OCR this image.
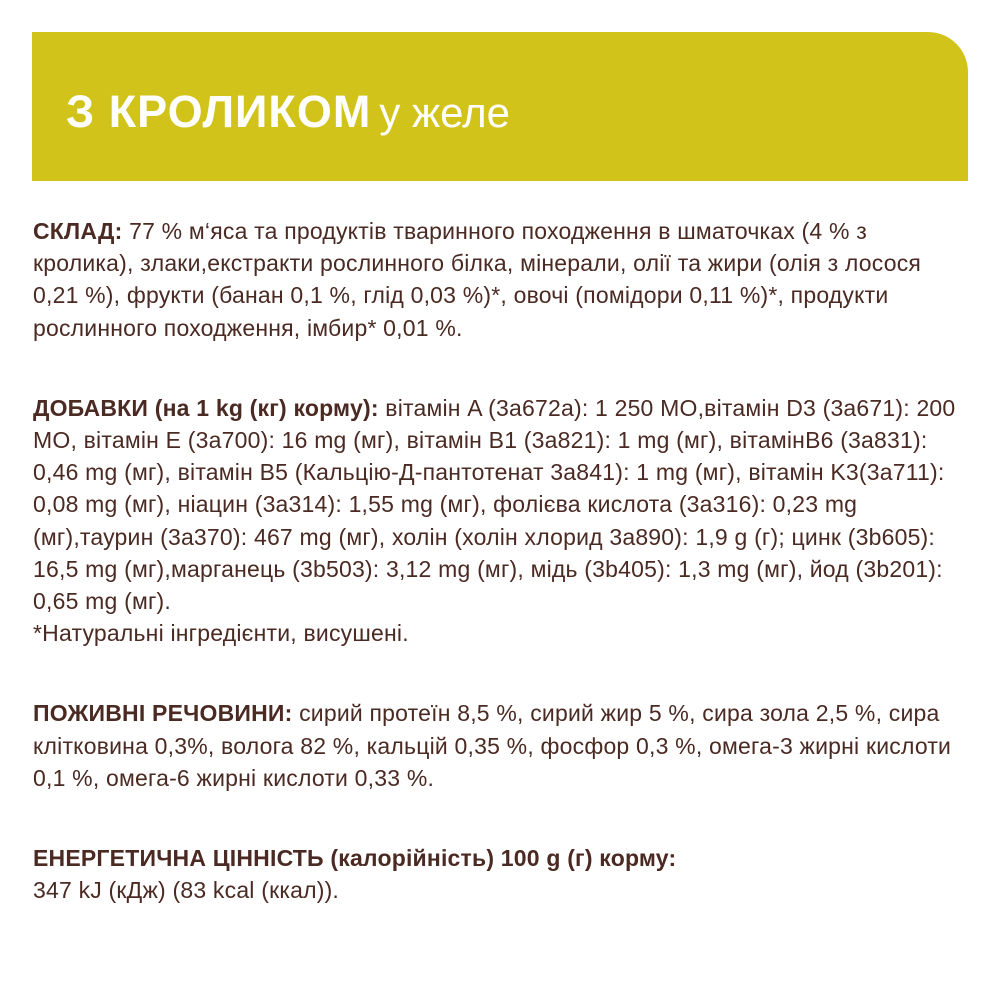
З КРОЛИКОМ у желе

СКЛАД: 77 % м‘яса та продуктів тваринного походження в шматочках (4 % з кролика), злаки,екстракти рослинного білка, мінерали, олії та жири (олія з лосося 0,21 %), фрукти (банан 0,1 %, глід 0,03 %)*, овочі (помідори 0,11 %)*, продукти рослинного походження, імбир* 0,01 %.

ДОБАВКИ (на 1 kg (кг) корму): вітамін A (3a672a): 1 250 МО,вітамін D3 (3a671): 200 МО, вітамін E (3a700): 16 mg (мг), вітамін B1 (3a821): 1 mg (мг), вітамінB6 (3a831): 0,46 mg (мг), вітамін B5 (Кальцію-Д-пантотенат 3a841): 1 mg (мг), вітамін K3(3a711): 0,08 mg (мг), ніацин (3a314): 1,55 mg (мг), фолієва кислота (3a316): 0,23 mg (мг),таурин (3a370): 467 mg (мг), холін (холін хлорид 3a890): 1,9 g (г); цинк (3b605): 16,5 mg (мг),марганець (3b503): 3,12 mg (мг), мідь (3b405): 1,3 mg (мг), йод (3b201): 0,65 mg (мг).
*Натуральні інгредієнти, висушені.

ПОЖИВНІ РЕЧОВИНИ: сирий протеїн 8,5 %, сирий жир 5 %, сира зола 2,5 %, сира клітковина 0,3%, волога 82 %, кальцій 0,35 %, фосфор 0,3 %, омега-3 жирні кислоти 0,1 %, омега-6 жирні кислоти 0,33 %.

ЕНЕРГЕТИЧНА ЦІННІСТЬ (калорійність) 100 g (г) корму:
347 kJ (кДж) (83 kcal (ккал)).
